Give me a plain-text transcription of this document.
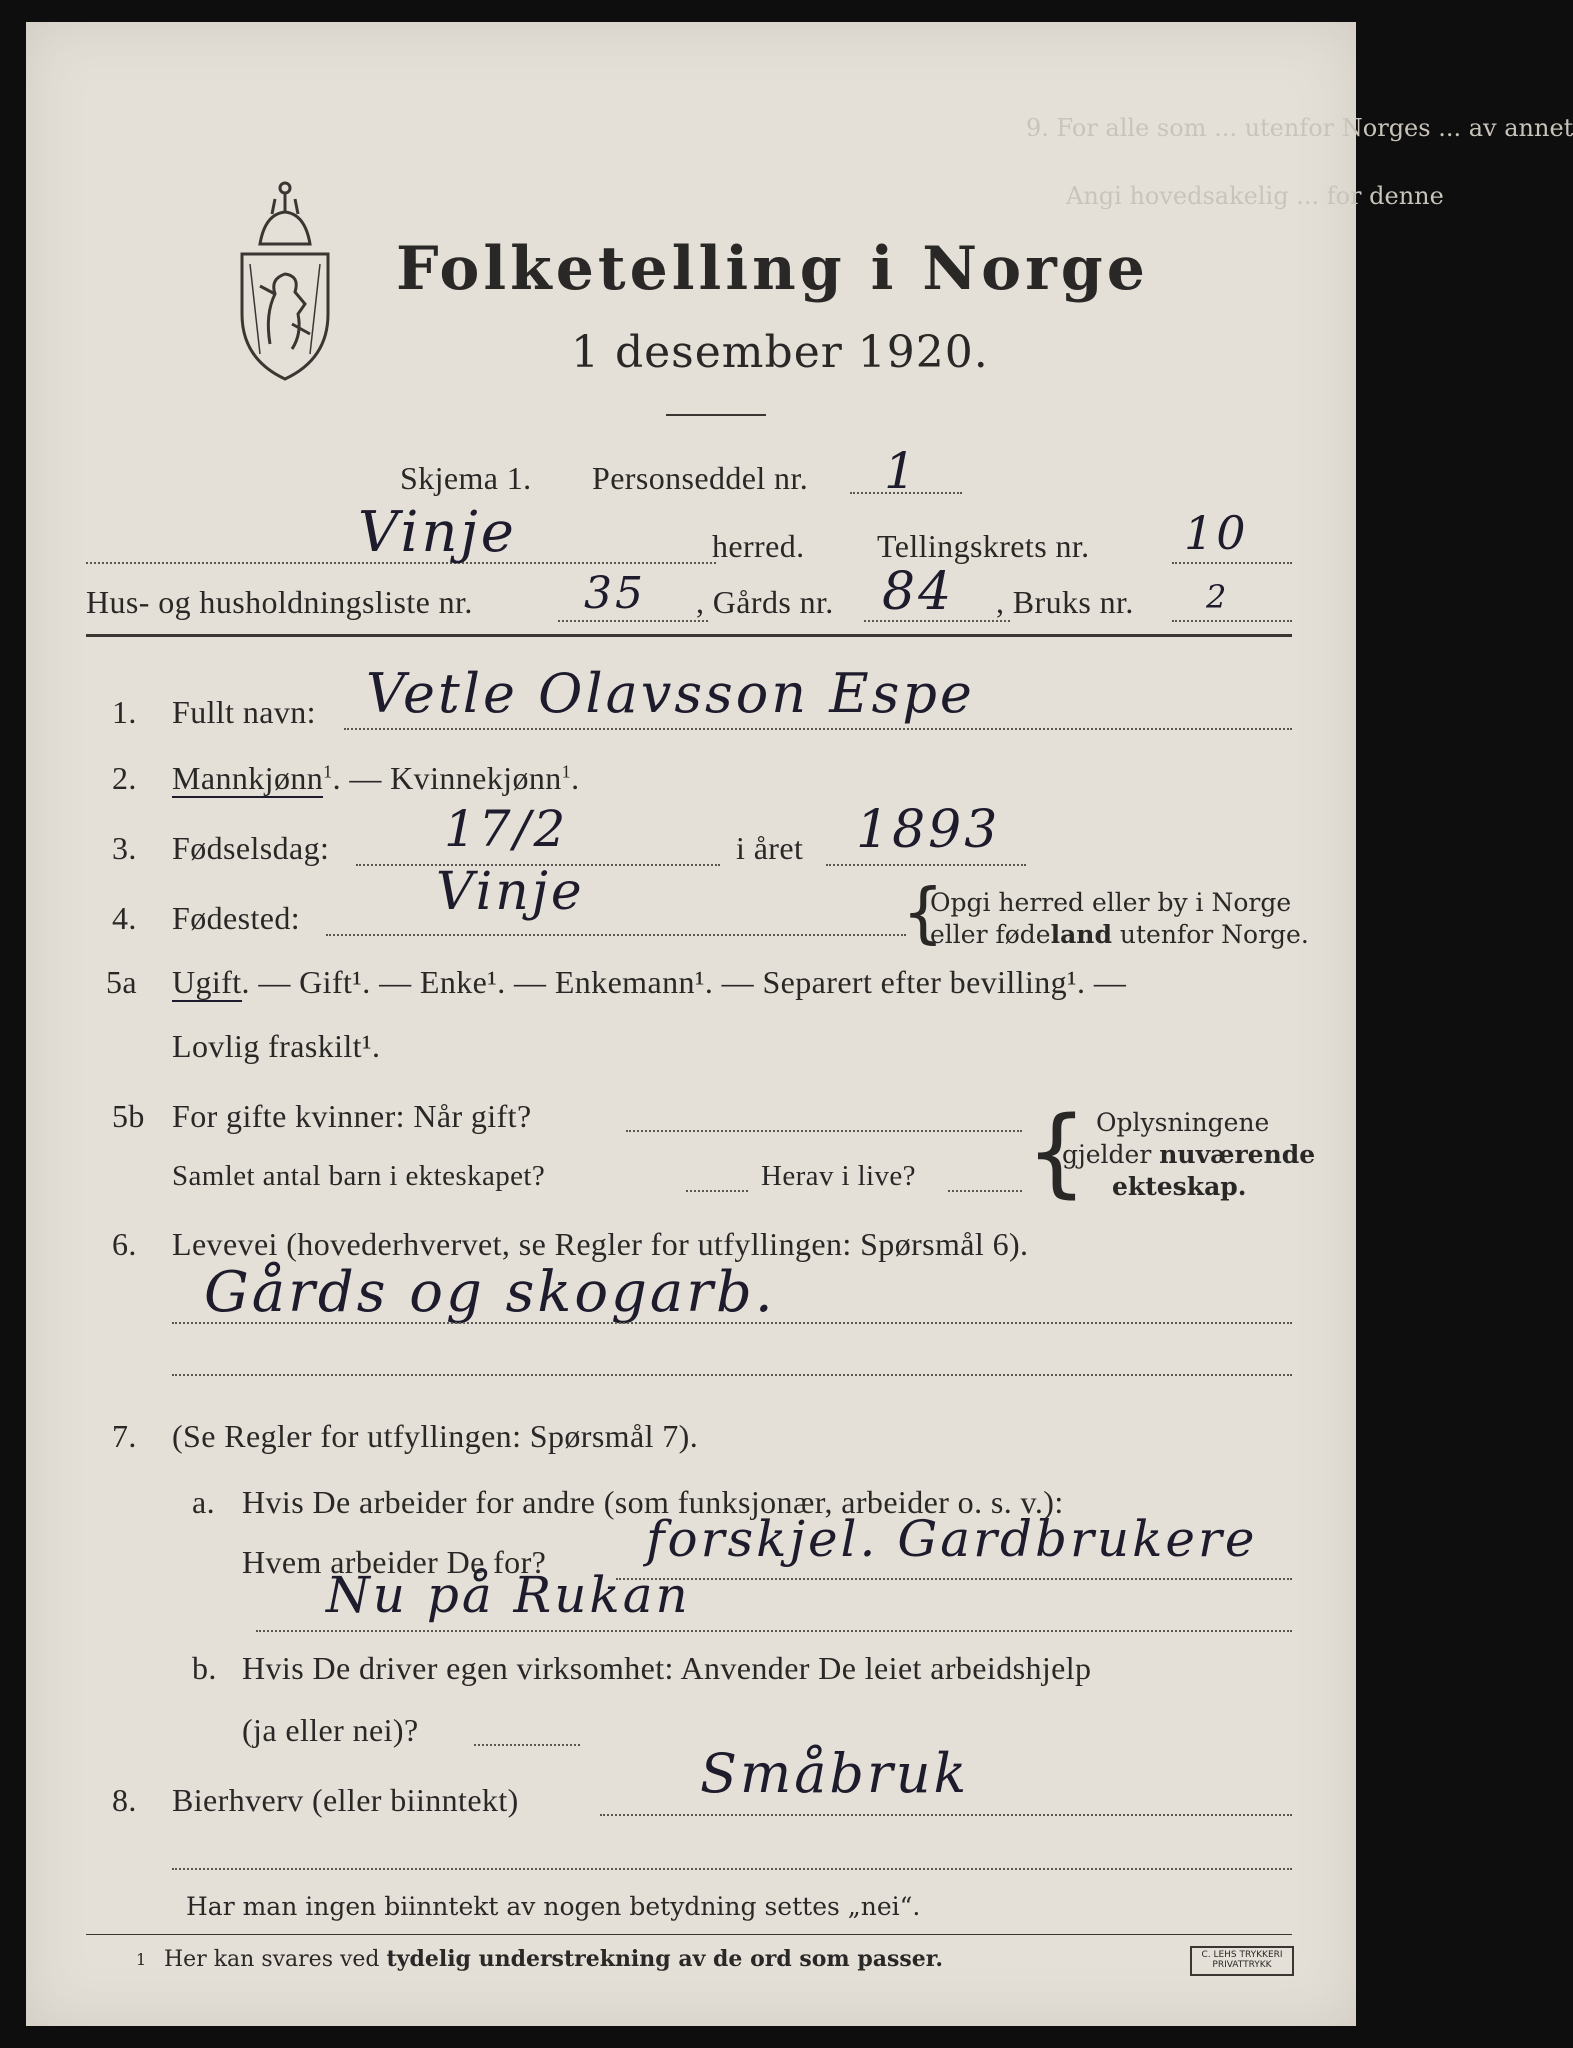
9. For alle som ... utenfor Norges ... av annet
Angi hovedsakelig ... for denne
Folketelling i Norge
1 desember 1920.
Skjema 1. Personseddel nr. 1
Vinje	herred. Tellingskrets nr. 10
Hus- og husholdningsliste nr.	35 , Gårds nr. 84 , Bruks nr. 2
1. Fullt navn: Vetle Olavsson Espe
2. Mannkjønn$^1$. — Kvinnekjønn$^1$.
3. Fødselsdag: 17/2	i året 1893
4. Fødested:	Vinje	{
Opgi herred eller by i Norge
eller fødeland utenfor Norge.
5a Ugift. — Gift¹. — Enke¹. — Enkemann¹. — Separert efter bevilling¹. —
Lovlig fraskilt¹.
5b For gifte kvinner: Når gift?
Samlet antal barn i ekteskapet?	Herav i live? { Oplysningene
gjelder nuværende
ekteskap.
6. Levevei (hovederhvervet, se Regler for utfyllingen: Spørsmål 6).
Gårds og skogarb.
7. (Se Regler for utfyllingen: Spørsmål 7).
a. Hvis De arbeider for andre (som funksjonær, arbeider o. s. v.):
Hvem arbeider De for? forskjel. Gardbrukere
Nu på Rukan
b. Hvis De driver egen virksomhet: Anvender De leiet arbeidshjelp
(ja eller nei)?
8. Bierhverv (eller biinntekt)	Småbruk
Har man ingen biinntekt av nogen betydning settes „nei“.
1 Her kan svares ved tydelig understrekning av de ord som passer.	C. LEHS TRYKKERI PRIVATTRYKK
